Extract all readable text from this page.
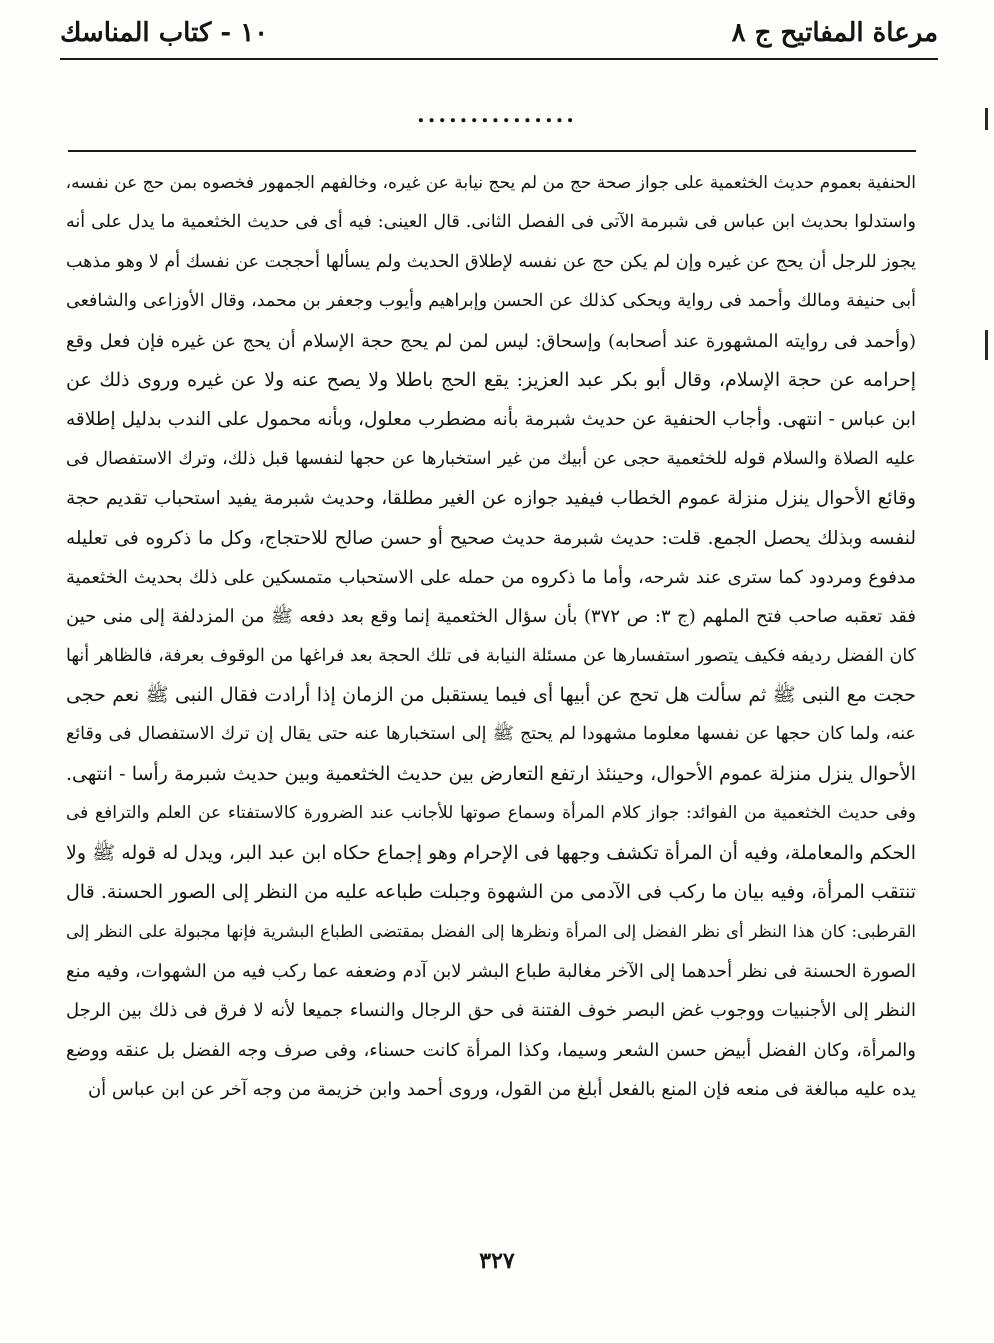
مرعاة المفاتيح ج ٨
١٠ - كتاب المناسك
...............
الحنفية بعموم حديث الخثعمية على جواز صحة حج من لم يحج نيابة عن غيره، وخالفهم الجمهور فخصوه بمن حج عن نفسه،
واستدلوا بحديث ابن عباس فى شبرمة الآتى فى الفصل الثانى. قال العينى: فيه أى فى حديث الخثعمية ما يدل على أنه
يجوز للرجل أن يحج عن غيره وإن لم يكن حج عن نفسه لإطلاق الحديث ولم يسألها أحججت عن نفسك أم لا وهو مذهب
أبى حنيفة ومالك وأحمد فى رواية ويحكى كذلك عن الحسن وإبراهيم وأيوب وجعفر بن محمد، وقال الأوزاعى والشافعى
(وأحمد فى روايته المشهورة عند أصحابه) وإسحاق: ليس لمن لم يحج حجة الإسلام أن يحج عن غيره فإن فعل وقع
إحرامه عن حجة الإسلام، وقال أبو بكر عبد العزيز: يقع الحج باطلا ولا يصح عنه ولا عن غيره وروى ذلك عن
ابن عباس - انتهى. وأجاب الحنفية عن حديث شبرمة بأنه مضطرب معلول، وبأنه محمول على الندب بدليل إطلاقه
عليه الصلاة والسلام قوله للخثعمية حجى عن أبيك من غير استخبارها عن حجها لنفسها قبل ذلك، وترك الاستفصال فى
وقائع الأحوال ينزل منزلة عموم الخطاب فيفيد جوازه عن الغير مطلقا، وحديث شبرمة يفيد استحباب تقديم حجة
لنفسه وبذلك يحصل الجمع. قلت: حديث شبرمة حديث صحيح أو حسن صالح للاحتجاج، وكل ما ذكروه فى تعليله
مدفوع ومردود كما سترى عند شرحه، وأما ما ذكروه من حمله على الاستحباب متمسكين على ذلك بحديث الخثعمية
فقد تعقبه صاحب فتح الملهم (ج ٣: ص ٣٧٢) بأن سؤال الخثعمية إنما وقع بعد دفعه ﷺ من المزدلفة إلى منى حين
كان الفضل رديفه فكيف يتصور استفسارها عن مسئلة النيابة فى تلك الحجة بعد فراغها من الوقوف بعرفة، فالظاهر أنها
حجت مع النبى ﷺ ثم سألت هل تحج عن أبيها أى فيما يستقبل من الزمان إذا أرادت فقال النبى ﷺ نعم حجى
عنه، ولما كان حجها عن نفسها معلوما مشهودا لم يحتج ﷺ إلى استخبارها عنه حتى يقال إن ترك الاستفصال فى وقائع
الأحوال ينزل منزلة عموم الأحوال، وحينئذ ارتفع التعارض بين حديث الخثعمية وبين حديث شبرمة رأسا - انتهى.
وفى حديث الخثعمية من الفوائد: جواز كلام المرأة وسماع صوتها للأجانب عند الضرورة كالاستفتاء عن العلم والترافع فى
الحكم والمعاملة، وفيه أن المرأة تكشف وجهها فى الإحرام وهو إجماع حكاه ابن عبد البر، ويدل له قوله ﷺ ولا
تنتقب المرأة، وفيه بيان ما ركب فى الآدمى من الشهوة وجبلت طباعه عليه من النظر إلى الصور الحسنة. قال
القرطبى: كان هذا النظر أى نظر الفضل إلى المرأة ونظرها إلى الفضل بمقتضى الطباع البشرية فإنها مجبولة على النظر إلى
الصورة الحسنة فى نظر أحدهما إلى الآخر مغالبة طباع البشر لابن آدم وضعفه عما ركب فيه من الشهوات، وفيه منع
النظر إلى الأجنبيات ووجوب غض البصر خوف الفتنة فى حق الرجال والنساء جميعا لأنه لا فرق فى ذلك بين الرجل
والمرأة، وكان الفضل أبيض حسن الشعر وسيما، وكذا المرأة كانت حسناء، وفى صرف وجه الفضل بل عنقه ووضع
يده عليه مبالغة فى منعه فإن المنع بالفعل أبلغ من القول، وروى أحمد وابن خزيمة من وجه آخر عن ابن عباس أن
٣٢٧
